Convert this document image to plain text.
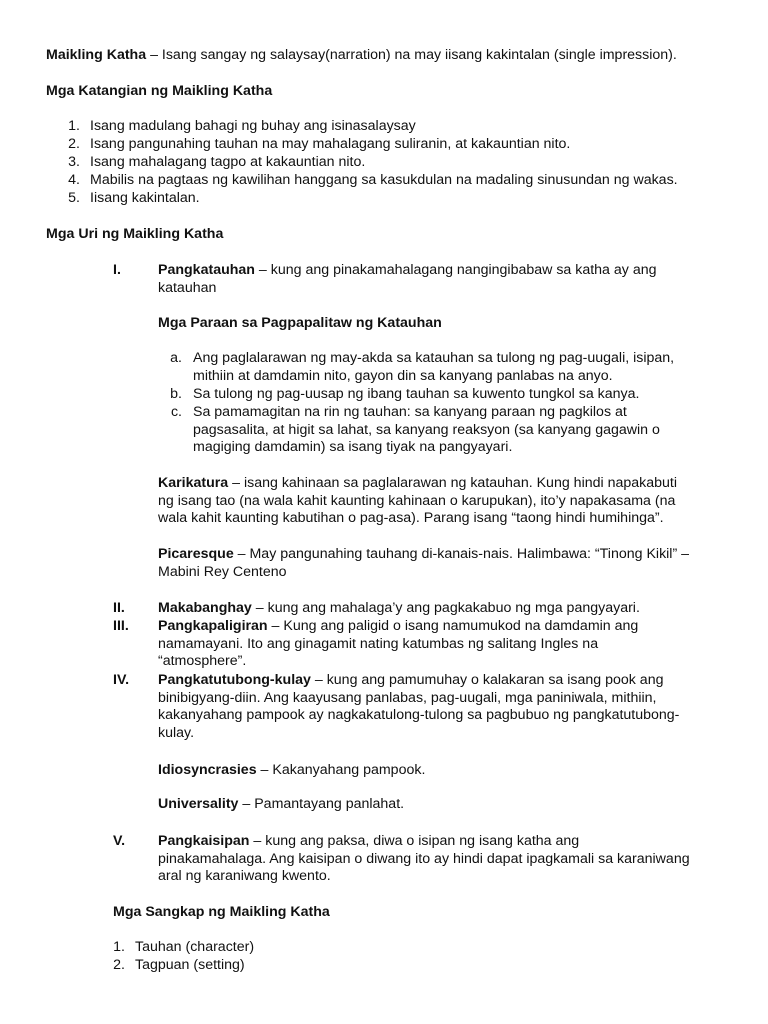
Maikling Katha – Isang sangay ng salaysay(narration) na may iisang kakintalan (single impression).
Mga Katangian ng Maikling Katha
1. Isang madulang bahagi ng buhay ang isinasalaysay
2. Isang pangunahing tauhan na may mahalagang suliranin, at kakauntian nito.
3. Isang mahalagang tagpo at kakauntian nito.
4. Mabilis na pagtaas ng kawilihan hanggang sa kasukdulan na madaling sinusundan ng wakas.
5. Iisang kakintalan.
Mga Uri ng Maikling Katha
I.	Pangkatauhan – kung ang pinakamahalagang nangingibabaw sa katha ay ang
katauhan
Mga Paraan sa Pagpapalitaw ng Katauhan
a. Ang paglalarawan ng may-akda sa katauhan sa tulong ng pag-uugali, isipan,
mithiin at damdamin nito, gayon din sa kanyang panlabas na anyo.
b. Sa tulong ng pag-uusap ng ibang tauhan sa kuwento tungkol sa kanya.
c. Sa pamamagitan na rin ng tauhan: sa kanyang paraan ng pagkilos at
pagsasalita, at higit sa lahat, sa kanyang reaksyon (sa kanyang gagawin o
magiging damdamin) sa isang tiyak na pangyayari.
Karikatura – isang kahinaan sa paglalarawan ng katauhan. Kung hindi napakabuti
ng isang tao (na wala kahit kaunting kahinaan o karupukan), ito’y napakasama (na
wala kahit kaunting kabutihan o pag-asa). Parang isang “taong hindi humihinga”.
Picaresque – May pangunahing tauhang di-kanais-nais. Halimbawa: “Tinong Kikil” –
Mabini Rey Centeno
II. Makabanghay – kung ang mahalaga’y ang pagkakabuo ng mga pangyayari.
III. Pangkapaligiran – Kung ang paligid o isang namumukod na damdamin ang
namamayani. Ito ang ginagamit nating katumbas ng salitang Ingles na
“atmosphere”.
IV. Pangkatutubong-kulay – kung ang pamumuhay o kalakaran sa isang pook ang
binibigyang-diin. Ang kaayusang panlabas, pag-uugali, mga paniniwala, mithiin,
kakanyahang pampook ay nagkakatulong-tulong sa pagbubuo ng pangkatutubong-
kulay.
Idiosyncrasies – Kakanyahang pampook.
Universality – Pamantayang panlahat.
V. Pangkaisipan – kung ang paksa, diwa o isipan ng isang katha ang
pinakamahalaga. Ang kaisipan o diwang ito ay hindi dapat ipagkamali sa karaniwang
aral ng karaniwang kwento.
Mga Sangkap ng Maikling Katha
1. Tauhan (character)
2. Tagpuan (setting)
